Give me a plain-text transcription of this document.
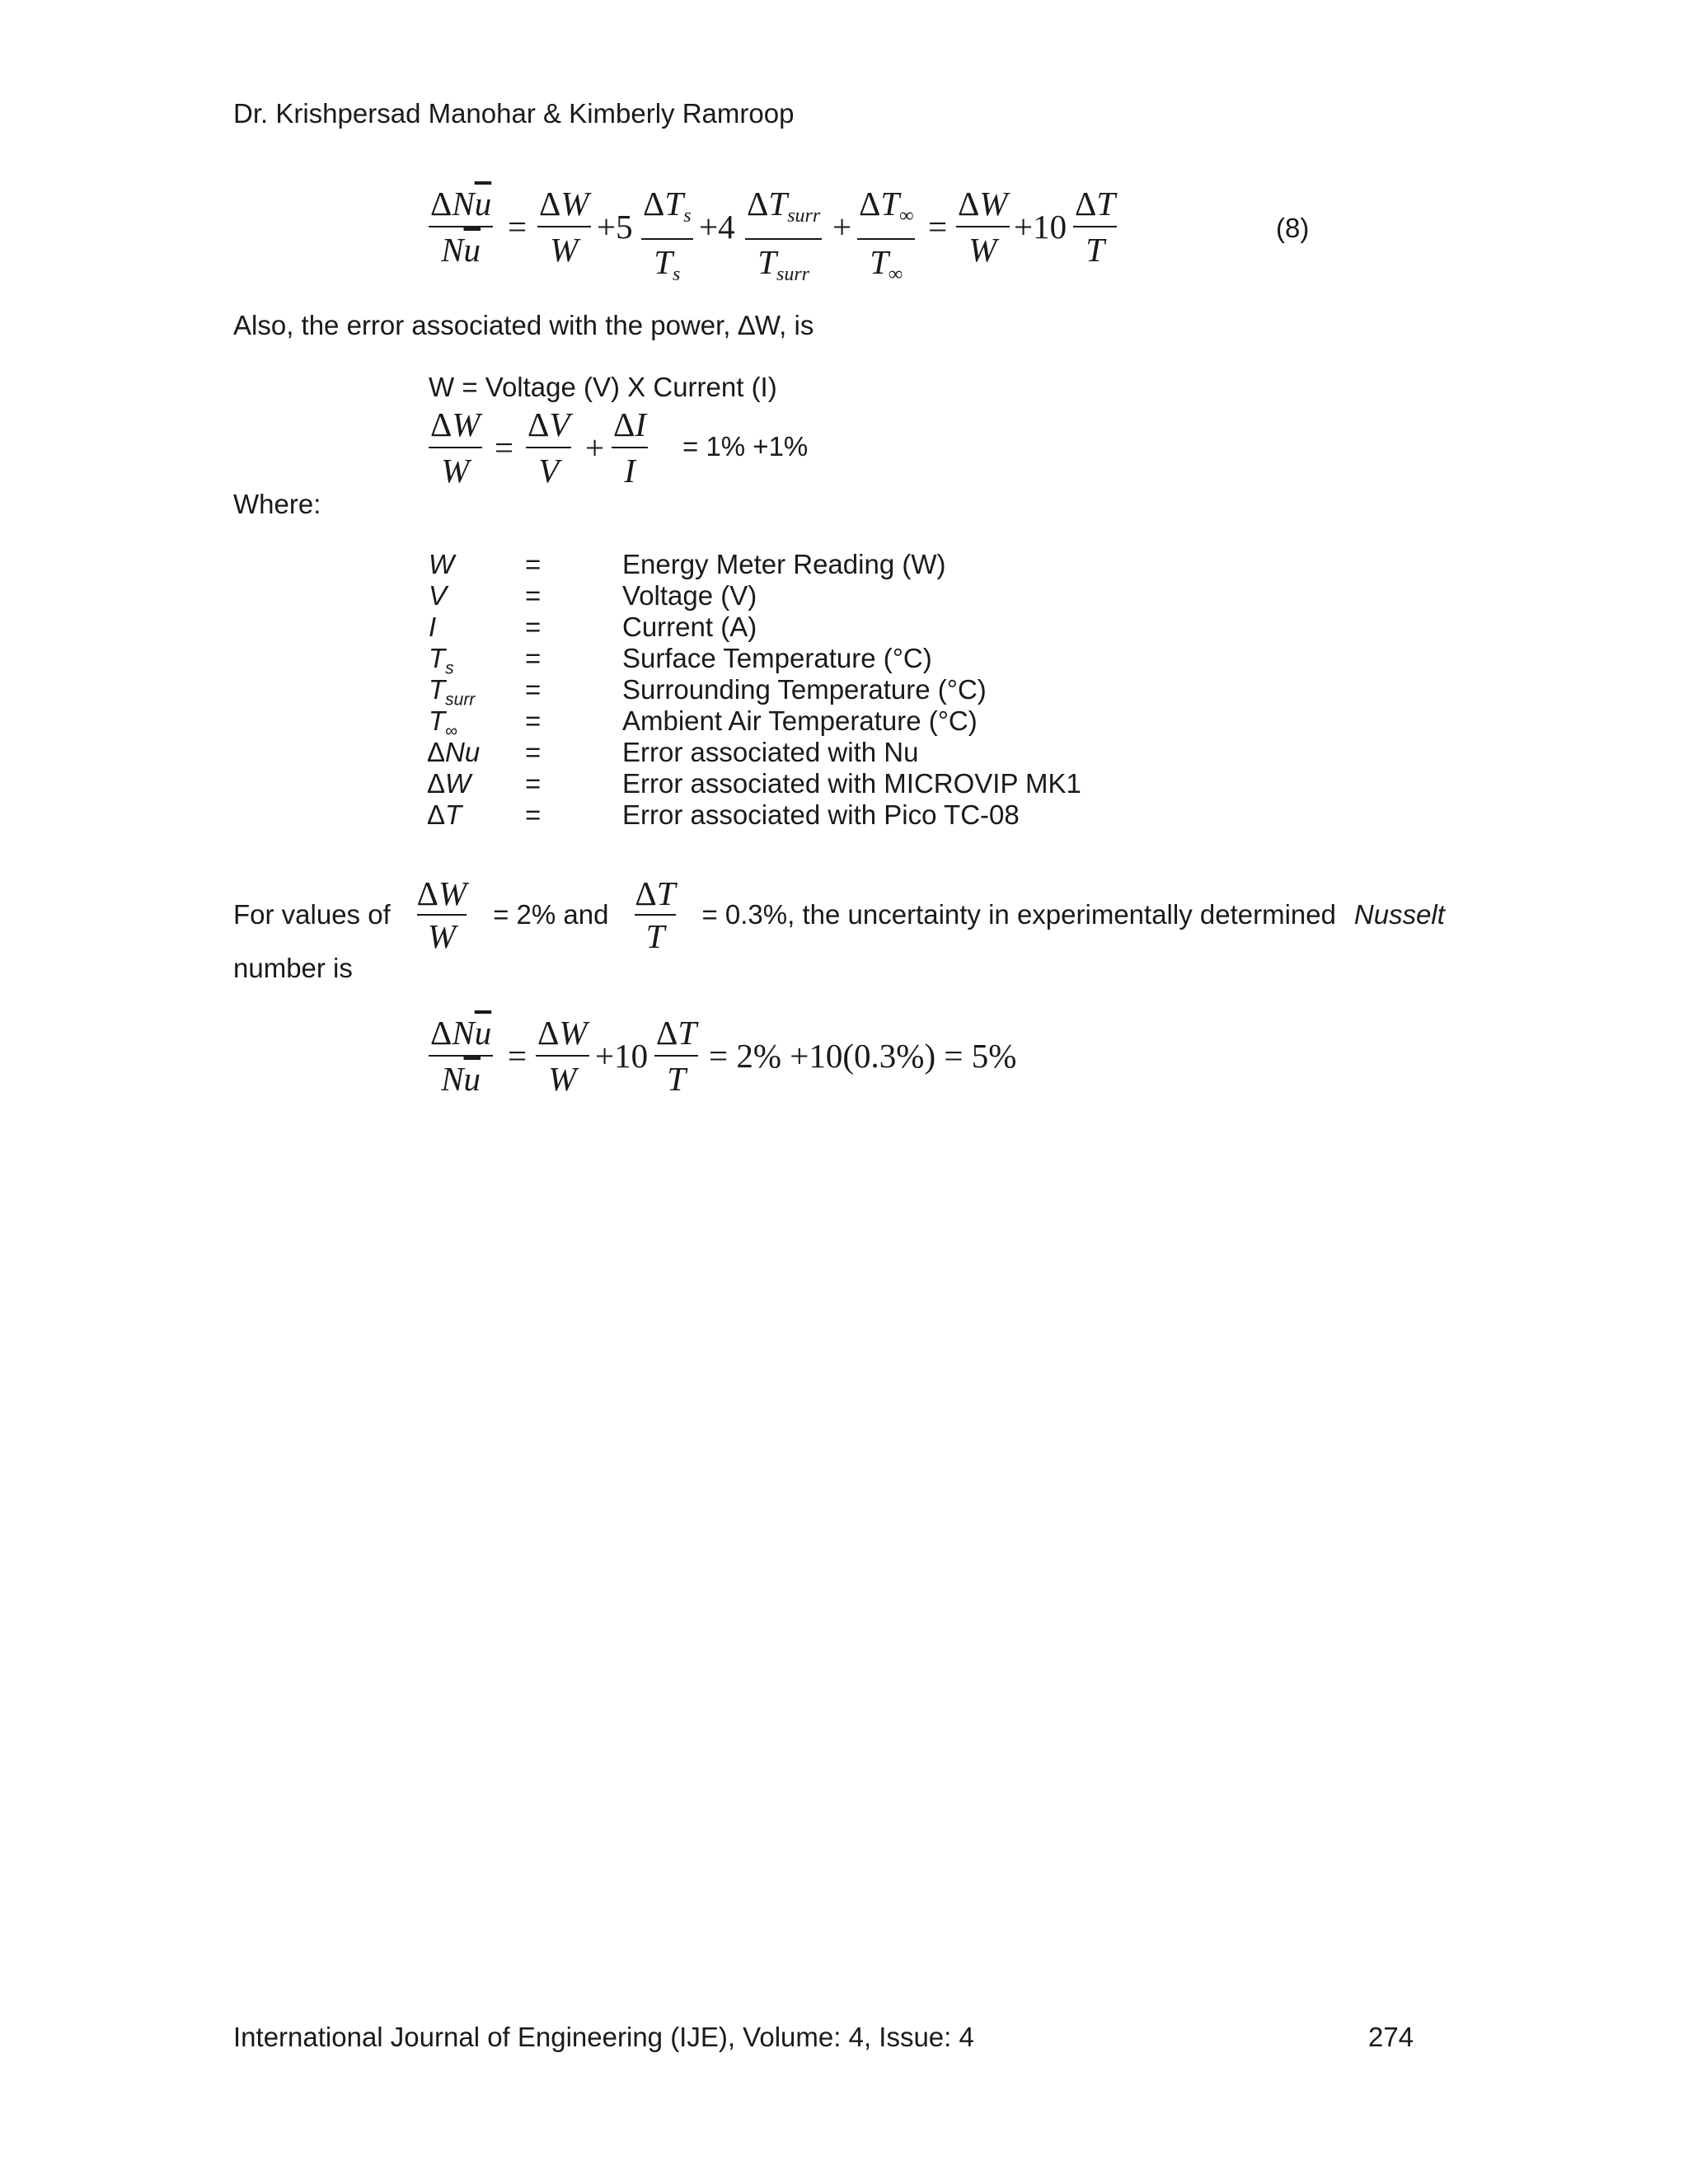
Dr. Krishpersad Manohar & Kimberly Ramroop
$\Delta N\overline{u}$
$N\overline{u}$
=
ΔW
W
+5
$\Delta T_s$
$T_s$
+4
$\Delta T_{surr}$
$T_{surr}$
+
$\Delta T_\infty$
$T_\infty$
=
ΔW
W
+10
ΔT
T
(8)
Also, the error associated with the power, ∆W, is
W = Voltage (V) X Current (I)
ΔW
W
=
ΔV
V
+
ΔI
I
= 1% +1%
Where:
W	=	Energy Meter Reading (W)
V	=	Voltage (V)
I	=	Current (A)
$T_s$	=	Surface Temperature (°C)
$T_{surr}$ =	Surrounding Temperature (°C)
$T_\infty$ =	Ambient Air Temperature (°C)
ΔNu =	Error associated with Nu
ΔW =	Error associated with MICROVIP MK1
ΔT =	Error associated with Pico TC-08
For values of
ΔW
W
= 2% and
ΔT
T
= 0.3%, the uncertainty in experimentally determined Nusselt
number is
$\Delta N\overline{u}$
$N\overline{u}$
=
ΔW
W
+10
ΔT
T
= 2% +10(0.3%) = 5%
International Journal of Engineering (IJE), Volume: 4, Issue: 4	274
